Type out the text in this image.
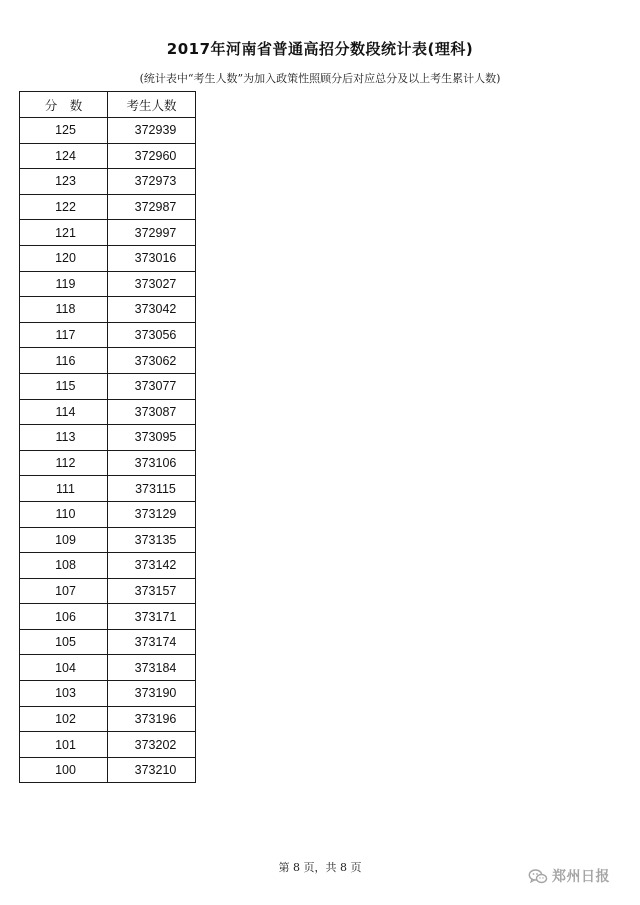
2017年河南省普通高招分数段统计表(理科)
(统计表中“考生人数”为加入政策性照顾分后对应总分及以上考生累计人数)
分　数	考生人数
125	372939
124	372960
123	372973
122	372987
121	372997
120	373016
119	373027
118	373042
117	373056
116	373062
115	373077
114	373087
113	373095
112	373106
111	373115
110	373129
109	373135
108	373142
107	373157
106	373171
105	373174
104	373184
103	373190
102	373196
101	373202
100	373210
第 8 页，共 8 页
郑州日报
